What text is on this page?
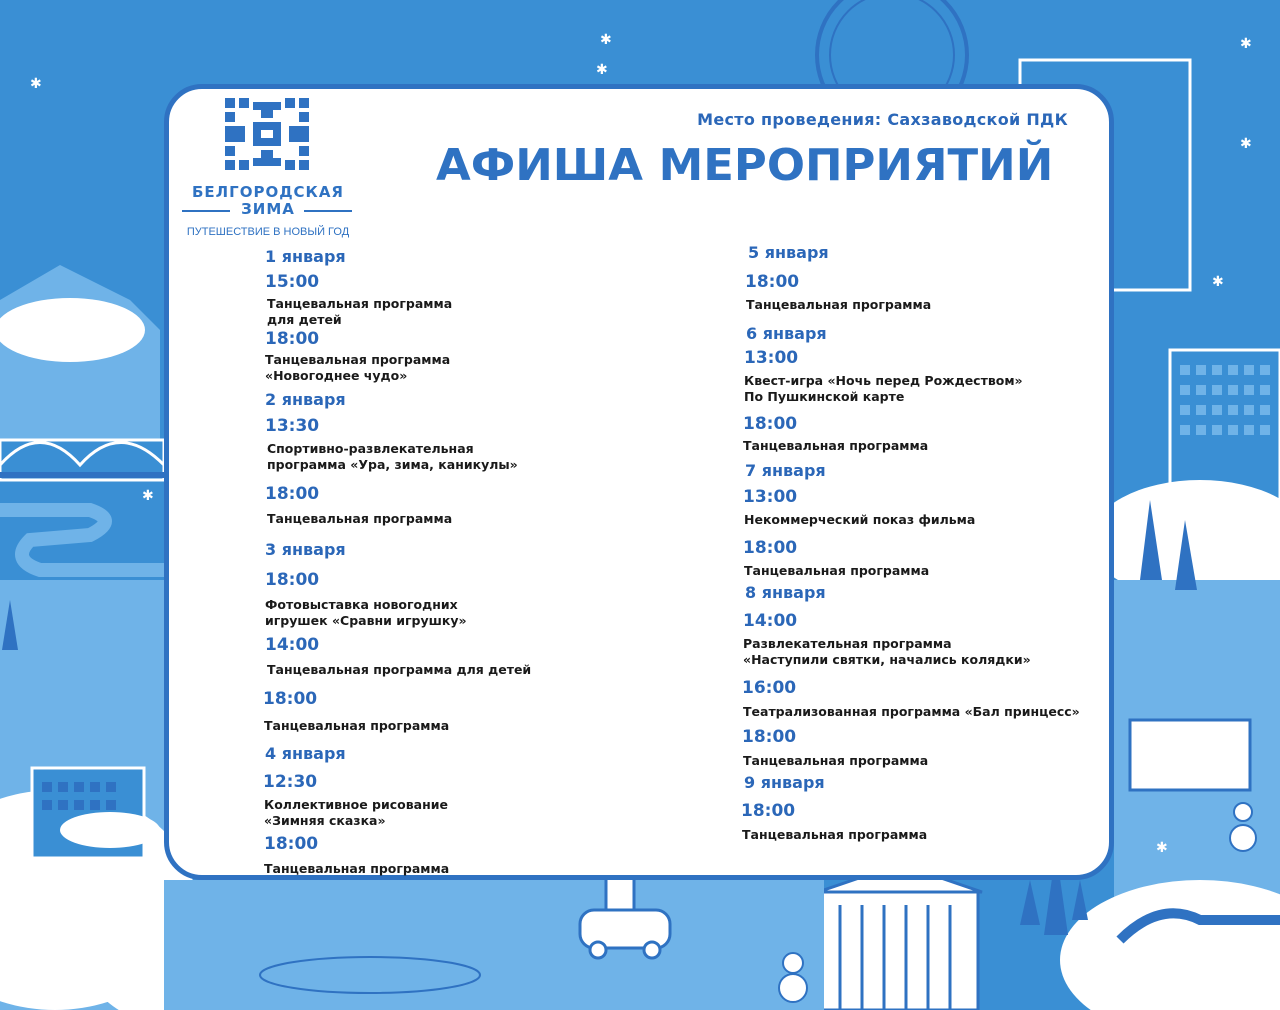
✱
✱
✱
✱
✱
✱
✱
✱
БЕЛГОРОДСКАЯ
ЗИМА
ПУТЕШЕСТВИЕ В НОВЫЙ ГОД
Место проведения: Сахзаводской ПДК
АФИША МЕРОПРИЯТИЙ
1 января
15:00
Танцевальная программа
для детей
18:00
Танцевальная программа
«Новогоднее чудо»
2 января
13:30
Спортивно-развлекательная
программа «Ура, зима, каникулы»
18:00
Танцевальная программа
3 января
18:00
Фотовыставка новогодних
игрушек «Сравни игрушку»
14:00
Танцевальная программа для детей
18:00
Танцевальная программа
4 января
12:30
Коллективное рисование
«Зимняя сказка»
18:00
Танцевальная программа
5 января
18:00
Танцевальная программа
6 января
13:00
Квест-игра «Ночь перед Рождеством»
По Пушкинской карте
18:00
Танцевальная программа
7 января
13:00
Некоммерческий показ фильма
18:00
Танцевальная программа
8 января
14:00
Развлекательная программа
«Наступили святки, начались колядки»
16:00
Театрализованная программа «Бал принцесс»
18:00
Танцевальная программа
9 января
18:00
Танцевальная программа
